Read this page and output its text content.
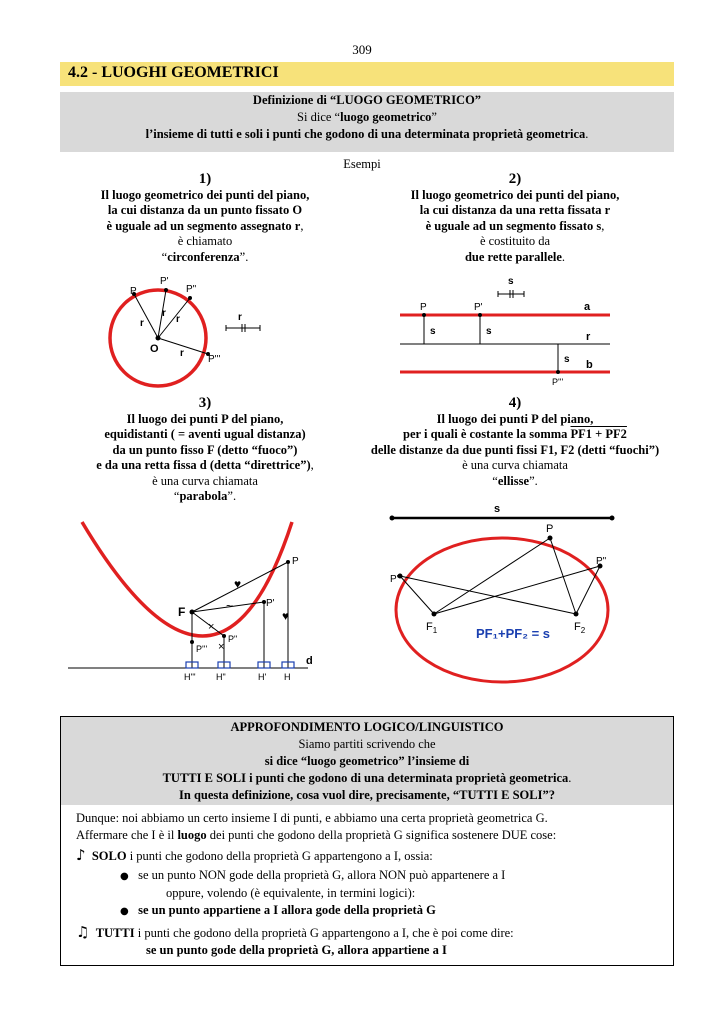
309
4.2 - LUOGHI GEOMETRICI
Definizione di “LUOGO GEOMETRICO”
Si dice “luogo geometrico”
l’insieme di tutti e soli i punti che godono di una determinata proprietà geometrica.
Esempi
1)
Il luogo geometrico dei punti del piano,
la cui distanza da un punto fissato O
è uguale ad un segmento assegnato r,
è chiamato
“circonferenza”.
2)
Il luogo geometrico dei punti del piano,
la cui distanza da una retta fissata r
è uguale ad un segmento fissato s,
è costituito da
due rette parallele.
P
P'
P"
P'''
O
r
r
r
r
r
s
P	P'
P'''
s	s
s
a
r
b
3)
Il luogo dei punti P del piano,
equidistanti ( = aventi ugual distanza)
da un punto fisso F (detto “fuoco”)
e da una retta fissa d (detta “direttrice”),
è una curva chiamata
“parabola”.
4)
Il luogo dei punti P del piano,
per i quali è costante la somma PF1 + PF2
delle distanze da due punti fissi F1, F2 (detti “fuochi”)
è una curva chiamata
“ellisse”.
d
F
P
P'
P"
P'''
H''' H"	H' H
♥
♥
~
×
×
s
P
P"
P'
$F_1$	$F_2$
PF₁+PF₂ = s
APPROFONDIMENTO LOGICO/LINGUISTICO
Siamo partiti scrivendo che
si dice “luogo geometrico” l’insieme di
TUTTI E SOLI i punti che godono di una determinata proprietà geometrica.
In questa definizione, cosa vuol dire, precisamente, “TUTTI E SOLI”?
Dunque: noi abbiamo un certo insieme I di punti, e abbiamo una certa proprietà geometrica G.
Affermare che I è il luogo dei punti che godono della proprietà G significa sostenere DUE cose:
♪ SOLO i punti che godono della proprietà G appartengono a I, ossia:
● se un punto NON gode della proprietà G, allora NON può appartenere a I
oppure, volendo (è equivalente, in termini logici):
● se un punto appartiene a I allora gode della proprietà G
♫ TUTTI i punti che godono della proprietà G appartengono a I, che è poi come dire:
se un punto gode della proprietà G, allora appartiene a I
